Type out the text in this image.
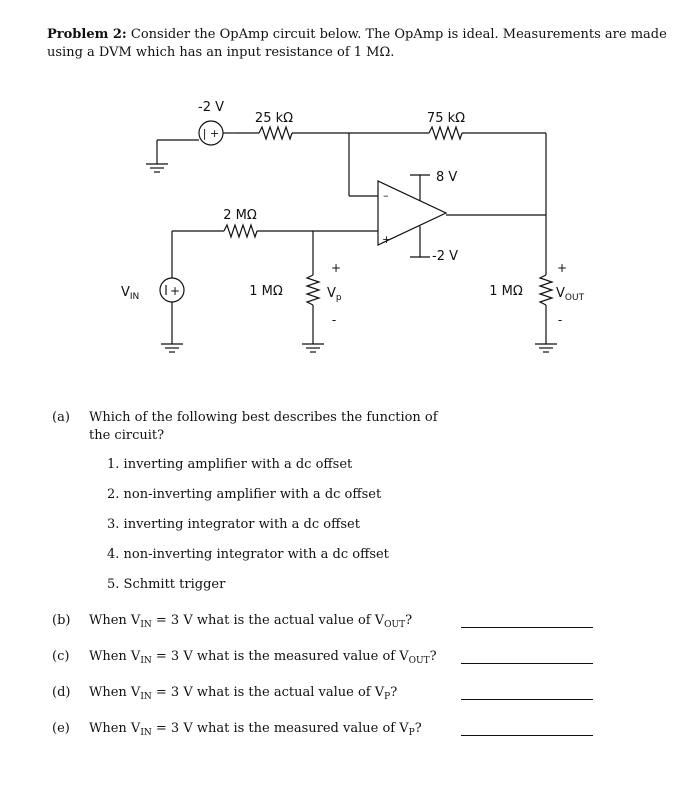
Problem 2: Consider the OpAmp circuit below. The OpAmp is ideal. Measurements are made using a DVM which has an input resistance of 1 MΩ.
| +
-2 V
25 kΩ	75 kΩ
–
+
8 V
-2 V
1 MΩ
+
-
$V_{OUT}$
2 MΩ
+
$V_{IN}$	1 MΩ
+
-
$V_p$
(a) Which of the following best describes the function of the circuit?
1. inverting amplifier with a dc offset
2. non-inverting amplifier with a dc offset
3. inverting integrator with a dc offset
4. non-inverting integrator with a dc offset
5. Schmitt trigger
(b) When $V_{IN} = 3$ V what is the actual value of $V_{OUT}$?
(c) When $V_{IN} = 3$ V what is the measured value of $V_{OUT}$?
(d) When $V_{IN} = 3$ V what is the actual value of $V_P$?
(e) When $V_{IN} = 3$ V what is the measured value of $V_P$?
